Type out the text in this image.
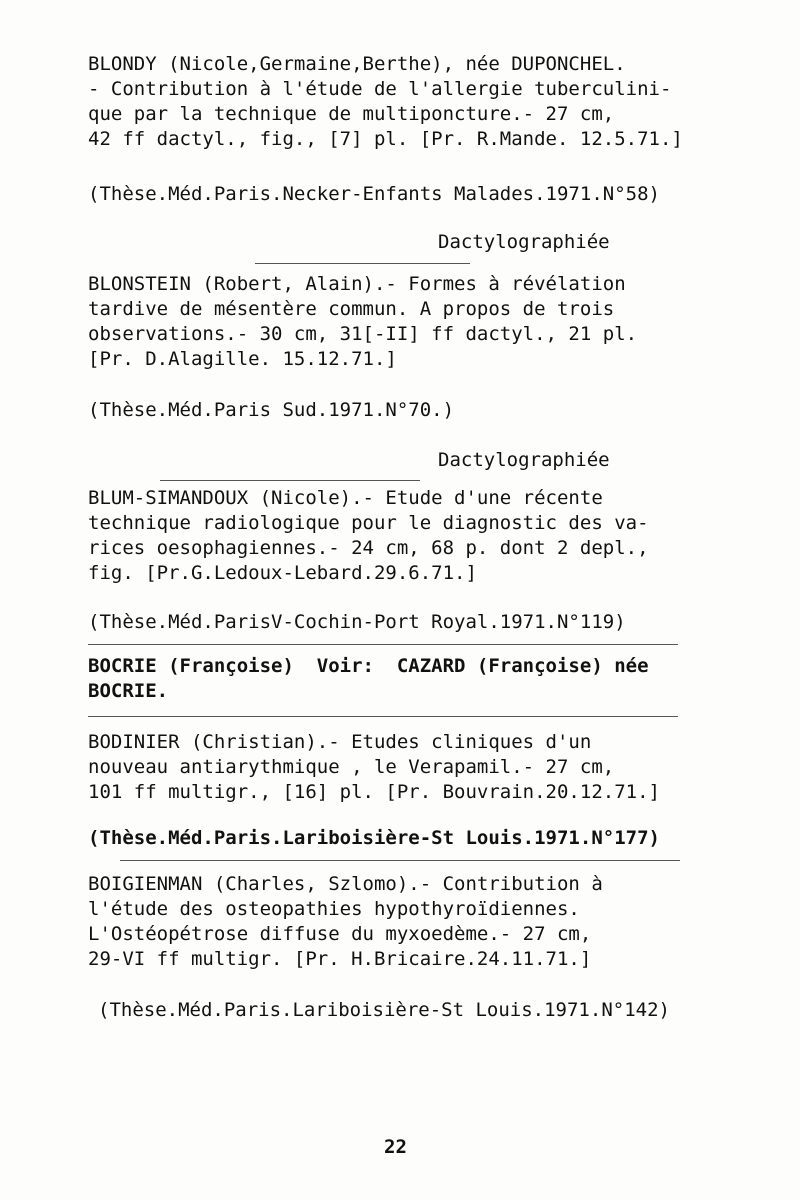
BLONDY (Nicole,Germaine,Berthe), née DUPONCHEL.
- Contribution à l'étude de l'allergie tuberculini-
que par la technique de multiponcture.- 27 cm,
42 ff dactyl., fig., [7] pl. [Pr. R.Mande. 12.5.71.]
(Thèse.Méd.Paris.Necker-Enfants Malades.1971.N°58)
Dactylographiée
BLONSTEIN (Robert, Alain).- Formes à révélation
tardive de mésentère commun. A propos de trois
observations.- 30 cm, 31[-II] ff dactyl., 21 pl.
[Pr. D.Alagille. 15.12.71.]
(Thèse.Méd.Paris Sud.1971.N°70.)
Dactylographiée
BLUM-SIMANDOUX (Nicole).- Etude d'une récente
technique radiologique pour le diagnostic des va-
rices oesophagiennes.- 24 cm, 68 p. dont 2 depl.,
fig. [Pr.G.Ledoux-Lebard.29.6.71.]
(Thèse.Méd.ParisV-Cochin-Port Royal.1971.N°119)
BOCRIE (Françoise)  Voir:  CAZARD (Françoise) née
BOCRIE.
BODINIER (Christian).- Etudes cliniques d'un
nouveau antiarythmique , le Verapamil.- 27 cm,
101 ff multigr., [16] pl. [Pr. Bouvrain.20.12.71.]
(Thèse.Méd.Paris.Lariboisière-St Louis.1971.N°177)
BOIGIENMAN (Charles, Szlomo).- Contribution à
l'étude des osteopathies hypothyroïdiennes.
L'Ostéopétrose diffuse du myxoedème.- 27 cm,
29-VI ff multigr. [Pr. H.Bricaire.24.11.71.]
(Thèse.Méd.Paris.Lariboisière-St Louis.1971.N°142)
22
